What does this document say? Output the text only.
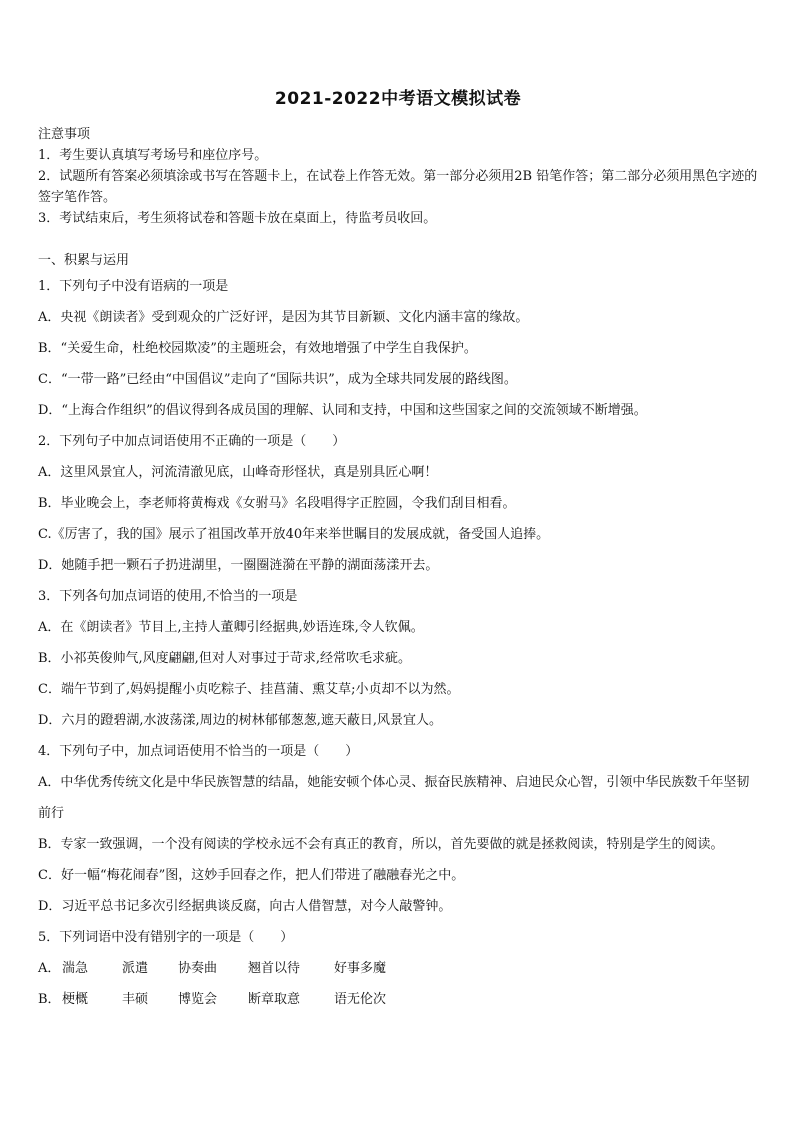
2021-2022中考语文模拟试卷
注意事项
1．考生要认真填写考场号和座位序号。
2．试题所有答案必须填涂或书写在答题卡上，在试卷上作答无效。第一部分必须用2B 铅笔作答；第二部分必须用黑色字迹的签字笔作答。
3．考试结束后，考生须将试卷和答题卡放在桌面上，待监考员收回。
一、积累与运用
1．下列句子中没有语病的一项是
A．央视《朗读者》受到观众的广泛好评，是因为其节目新颖、文化内涵丰富的缘故。
B．“关爱生命，杜绝校园欺凌”的主题班会，有效地增强了中学生自我保护。
C．“一带一路”已经由“中国倡议”走向了“国际共识”，成为全球共同发展的路线图。
D．“上海合作组织”的倡议得到各成员国的理解、认同和支持，中国和这些国家之间的交流领域不断增强。
2．下列句子中加点词语使用不正确的一项是（　　）
A．这里风景宜人，河流清澈见底，山峰奇形怪状，真是别具匠心啊！
B．毕业晚会上，李老师将黄梅戏《女驸马》名段唱得字正腔圆，令我们刮目相看。
C.《厉害了，我的国》展示了祖国改革开放40年来举世瞩目的发展成就，备受国人追捧。
D．她随手把一颗石子扔进湖里，一圈圈涟漪在平静的湖面荡漾开去。
3．下列各句加点词语的使用,不恰当的一项是
A．在《朗读者》节目上,主持人董卿引经据典,妙语连珠,令人钦佩。
B．小祁英俊帅气,风度翩翩,但对人对事过于苛求,经常吹毛求疵。
C．端午节到了,妈妈提醒小贞吃粽子、挂菖蒲、熏艾草;小贞却不以为然。
D．六月的蹬碧湖,水波荡漾,周边的树林郁郁葱葱,遮天蔽日,风景宜人。
4．下列句子中，加点词语使用不恰当的一项是（　　）
A．中华优秀传统文化是中华民族智慧的结晶，她能安顿个体心灵、振奋民族精神、启迪民众心智，引领中华民族数千年坚韧前行
B．专家一致强调，一个没有阅读的学校永远不会有真正的教育，所以，首先要做的就是拯救阅读，特别是学生的阅读。
C．好一幅“梅花闹春”图，这妙手回春之作，把人们带进了融融春光之中。
D．习近平总书记多次引经据典谈反腐，向古人借智慧，对今人敲警钟。
5．下列词语中没有错别字的一项是（　　）
A． 湍急	派遣	协奏曲	翘首以待	好事多魔
B． 梗概	丰硕	博览会	断章取意	语无伦次
